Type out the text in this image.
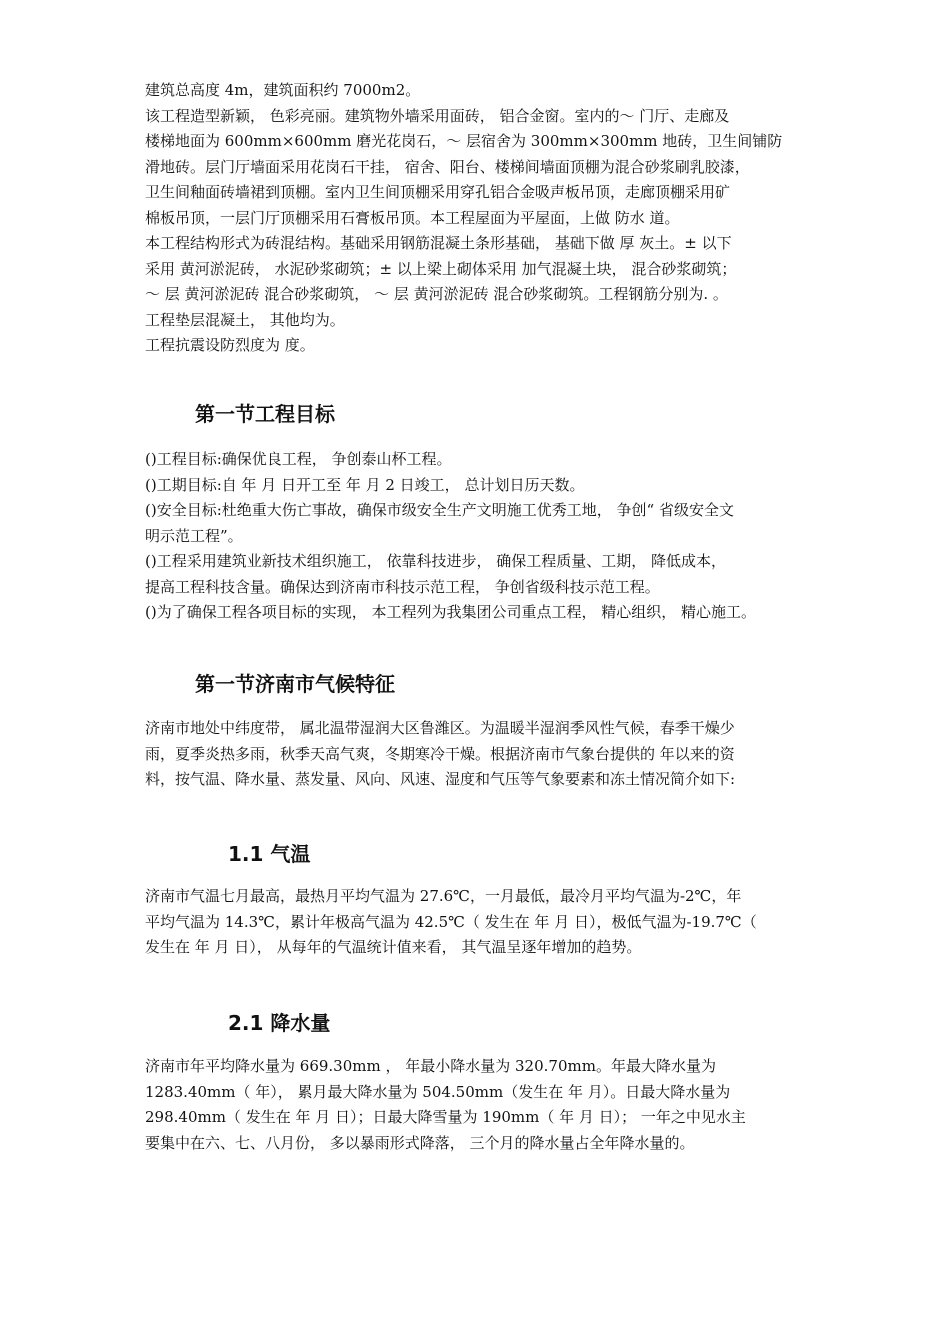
建筑总高度 4m，建筑面积约 7000m2。

该工程造型新颖， 色彩亮丽。建筑物外墙采用面砖， 铝合金窗。室内的～ 门厅、走廊及

楼梯地面为 600mm×600mm 磨光花岗石，～ 层宿舍为 300mm×300mm 地砖，卫生间铺防

滑地砖。层门厅墙面采用花岗石干挂， 宿舍、阳台、楼梯间墙面顶棚为混合砂浆刷乳胶漆，

卫生间釉面砖墙裙到顶棚。室内卫生间顶棚采用穿孔铝合金吸声板吊顶，走廊顶棚采用矿

棉板吊顶，一层门厅顶棚采用石膏板吊顶。本工程屋面为平屋面，上做 防水 道。

本工程结构形式为砖混结构。基础采用钢筋混凝土条形基础， 基础下做 厚 灰土。± 以下

采用 黄河淤泥砖， 水泥砂浆砌筑；± 以上梁上砌体采用 加气混凝土块， 混合砂浆砌筑；

～ 层 黄河淤泥砖 混合砂浆砌筑， ～ 层 黄河淤泥砖 混合砂浆砌筑。工程钢筋分别为. 。

工程垫层混凝土， 其他均为。

工程抗震设防烈度为 度。

第一节工程目标

()工程目标:确保优良工程， 争创泰山杯工程。

()工期目标:自 年 月 日开工至 年 月 2 日竣工， 总计划日历天数。

()安全目标:杜绝重大伤亡事故，确保市级安全生产文明施工优秀工地， 争创“ 省级安全文

明示范工程”。

()工程采用建筑业新技术组织施工， 依靠科技进步， 确保工程质量、工期， 降低成本，

提高工程科技含量。确保达到济南市科技示范工程， 争创省级科技示范工程。

()为了确保工程各项目标的实现， 本工程列为我集团公司重点工程， 精心组织， 精心施工。

第一节济南市气候特征

济南市地处中纬度带， 属北温带湿润大区鲁潍区。为温暖半湿润季风性气候，春季干燥少

雨，夏季炎热多雨，秋季天高气爽，冬期寒冷干燥。根据济南市气象台提供的 年以来的资

料，按气温、降水量、蒸发量、风向、风速、湿度和气压等气象要素和冻土情况简介如下:

1.1 气温

济南市气温七月最高，最热月平均气温为 27.6℃，一月最低，最冷月平均气温为-2℃，年

平均气温为 14.3℃，累计年极高气温为 42.5℃（ 发生在 年 月 日），极低气温为-19.7℃（

发生在 年 月 日）， 从每年的气温统计值来看， 其气温呈逐年增加的趋势。

2.1 降水量

济南市年平均降水量为 669.30mm ， 年最小降水量为 320.70mm。年最大降水量为

1283.40mm（ 年）， 累月最大降水量为 504.50mm（发生在 年 月）。日最大降水量为

298.40mm（ 发生在 年 月 日）；日最大降雪量为 190mm（ 年 月 日）； 一年之中见水主

要集中在六、七、八月份， 多以暴雨形式降落， 三个月的降水量占全年降水量的。
